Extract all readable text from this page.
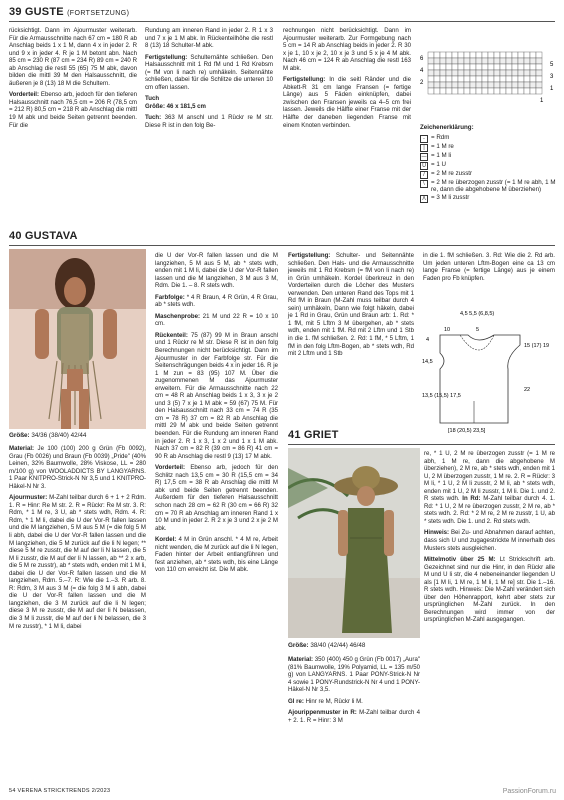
39 GUSTE (FORTSETZUNG)

rücksichtigt. Dann im Ajourmuster weiterarb. Für die Armausschnitte nach 67 cm = 180 R ab Anschlag beids 1 x 1 M, dann 4 x in jeder 2. R und 9 x in jeder 4. R je 1 M betont abn. Nach 85 cm = 230 R (87 cm = 234 R) 89 cm = 240 R ab Anschlag die restl 55 (65) 75 M abk, davon bilden die mittl 39 M den Halsausschnitt, die äußeren je 8 (13) 18 M die Schultern.

Vorderteil: Ebenso arb, jedoch für den tieferen Halsausschnitt nach 76,5 cm = 206 R (78,5 cm = 212 R) 80,5 cm = 218 R ab Anschlag die mittl 19 M abk und beide Seiten getrennt beenden. Für die

Rundung am inneren Rand in jeder 2. R 1 x 3 und 7 x je 1 M abk. In Rückenteilhöhe die restl 8 (13) 18 Schulter-M abk.

Fertigstellung: Schulternähte schließen. Den Halsausschnitt mit 1 Rd fM und 1 Rd Krebsm (= fM von li nach re) umhäkeln. Seitennähte schließen, dabei für die Schlitze die unteren 10 cm offen lassen.

Tuch

Größe: 46 x 181,5 cm

Tuch: 363 M anschl und 1 Rückr re M str. Diese R ist in den folg Be-

rechnungen nicht berücksichtigt. Dann im Ajourmuster weiterarb. Zur Formgebung nach 5 cm = 14 R ab Anschlag beids in jeder 2. R 30 x je 1, 10 x je 2, 10 x je 3 und 5 x je 4 M abk. Nach 46 cm = 124 R ab Anschlag die restl 163 M abk.

Fertigstellung: In die seitl Ränder und die Abkett-R 31 cm lange Fransen (= fertige Länge) aus 5 Fäden einknüpfen, dabei zwischen den Fransen jeweils ca 4–5 cm frei lassen. Jeweils die Hälfte einer Franse mit der Hälfte der daneben liegenden Franse mit einem Knoten verbinden.

6
4
2
5
3
1
1
Zeichenerklärung:
- = Rdm
|	= 1 M re
— = 1 M li
U = 1 U
/	= 2 M re zusstr
\	= 2 M re überzogen zusstr (= 1 M re abh, 1 M re, dann die abgehobene M überziehen)
Λ = 3 M li zusstr
40 GUSTAVA
Größe: 34/36 (38/40) 42/44

Material: Je 100 (100) 200 g Grün (Fb 0092), Grau (Fb 0026) und Braun (Fb 0039) „Pride" (40% Leinen, 32% Baumwolle, 28% Viskose, LL = 280 m/100 g) von WOOLADDICTS BY LANGYARNS. 1 Paar KNITPRO-Strick-N Nr 3,5 und 1 KNITPRO-Häkel-N Nr 3.

Ajourmuster: M-Zahl teilbar durch 6 + 1 + 2 Rdm. 1. R = Hinr: Re M str. 2. R = Rückr: Re M str. 3. R: Rdm, * 1 M re, 3 U, ab * stets wdh, Rdm. 4. R: Rdm, * 1 M li, dabei die U der Vor-R fallen lassen und die M langziehen, 5 M aus 5 M (= die folg 5 M li abh, dabei die U der Vor-R fallen lassen und die M langziehen, die 5 M zurück auf die li N legen; ** diese 5 M re zusstr, die M auf der li N lassen, die 5 M li zusstr, die M auf der li N lassen, ab ** 2 x arb, die 5 M re zusstr), ab * stets wdh, enden mit 1 M li, dabei die U der Vor-R fallen lassen und die M langziehen, Rdm. 5.–7. R: Wie die 1.–3. R arb. 8. R: Rdm, 3 M aus 3 M (= die folg 3 M li abh, dabei die U der Vor-R fallen lassen und die M langziehen, die 3 M zurück auf die li N legen; diese 3 M re zusstr, die M auf der li N belassen, die 3 M li zusstr, die M auf der li N belassen, die 3 M re zusstr), * 1 M li, dabei

die U der Vor-R fallen lassen und die M langziehen, 5 M aus 5 M, ab * stets wdh, enden mit 1 M li, dabei die U der Vor-R fallen lassen und die M langziehen, 3 M aus 3 M, Rdm. Die 1. – 8. R stets wdh.

Farbfolge: * 4 R Braun, 4 R Grün, 4 R Grau, ab * stets wdh.

Maschenprobe: 21 M und 22 R = 10 x 10 cm.

Rückenteil: 75 (87) 99 M in Braun anschl und 1 Rückr re M str. Diese R ist in den folg Berechnungen nicht berücksichtigt. Dann im Ajourmuster in der Farbfolge str. Für die Seitenschrägungen beids 4 x in jeder 16. R je 1 M zun = 83 (95) 107 M. Über die zugenommenen M das Ajourmuster erweitern. Für die Armausschnitte nach 22 cm = 48 R ab Anschlag beids 1 x 3, 3 x je 2 und 3 (5) 7 x je 1 M abk = 59 (67) 75 M. Für den Halsausschnitt nach 33 cm = 74 R (35 cm = 78 R) 37 cm = 82 R ab Anschlag die mittl 29 M abk und beide Seiten getrennt beenden. Für die Rundung am inneren Rand in jeder 2. R 1 x 3, 1 x 2 und 1 x 1 M abk. Nach 37 cm = 82 R (39 cm = 86 R) 41 cm = 90 R ab Anschlag die restl 9 (13) 17 M abk.

Vorderteil: Ebenso arb, jedoch für den Schlitz nach 13,5 cm = 30 R (15,5 cm = 34 R) 17,5 cm = 38 R ab Anschlag die mittl M abk und beide Seiten getrennt beenden. Außerdem für den tieferen Halsausschnitt schon nach 28 cm = 62 R (30 cm = 66 R) 32 cm = 70 R ab Anschlag am inneren Rand 1 x 10 M und in jeder 2. R 2 x je 3 und 2 x je 2 M abk.

Kordel: 4 M in Grün anschl. * 4 M re, Arbeit nicht wenden, die M zurück auf die li N legen, Faden hinter der Arbeit entlangführen und fest anziehen, ab * stets wdh, bis eine Länge von 110 cm erreicht ist. Die M abk.

Fertigstellung: Schulter- und Seitennähte schließen. Den Hals- und die Armausschnitte jeweils mit 1 Rd Krebsm (= fM von li nach re) in Grün umhäkeln. Kordel überkreuz in den Vorderteilen durch die Löcher des Musters verwenden. Den unteren Rand des Tops mit 1 Rd fM in Braun (M-Zahl muss teilbar durch 4 sein) umhäkeln, Dann wie folgt häkeln, dabei je 1 Rd in Grau, Grün und Braun arb: 1. Rd: * 1 fM, mit 5 Lftm 3 M übergehen, ab * stets wdh, enden mit 1 fM. Rd mit 2 Lftm und 1 Stb in die 1. fM schließen. 2. Rd: 1 fM, * 5 Lftm, 1 fM in den folg Lftm-Bogen, ab * stets wdh, Rd mit 2 Lftm und 1 Stb

in die 1. fM schließen. 3. Rd: Wie die 2. Rd arb. Um jeden unteren Lftm-Bogen eine ca 13 cm lange Franse (= fertige Länge) aus je einem Faden pro Fb knüpfen.

4,5 5,5 (6,8,5)
10	5
4
15 (17) 19
14,5
13,5 (15,5) 17,5
22
[18 (20,5) 23,5]
41 GRIET
Größe: 38/40 (42/44) 46/48

Material: 350 (400) 450 g Grün (Fb 0017) „Aura" (81% Baumwolle, 19% Polyamid, LL = 135 m/50 g) von LANGYARNS. 1 Paar PONY-Strick-N Nr 4 sowie 1 PONY-Rundstrick-N Nr 4 und 1 PONY-Häkel-N Nr 3,5.

Gl re: Hinr re M, Rückr li M.

Ajourippenmuster in R: M-Zahl teilbar durch 4 + 2. 1. R = Hinr: 3 M

re, * 1 U, 2 M re überzogen zusstr (= 1 M re abh, 1 M re, dann die abgehobene M überziehen), 2 M re, ab * stets wdh, enden mit 1 U, 2 M überzogen zusstr, 1 M re. 2. R = Rückr: 3 M li, * 1 U, 2 M li zusstr, 2 M li, ab * stets wdh, enden mit 1 U, 2 M li zusstr, 1 M li. Die 1. und 2. R stets wdh. In Rd: M-Zahl teilbar durch 4. 1. Rd: * 1 U, 2 M re überzogen zusstr, 2 M re, ab * stets wdh. 2. Rd: * 2 M re, 2 M re zusstr, 1 U, ab * stets wdh. Die 1. und 2. Rd stets wdh.

Hinweis: Bei Zu- und Abnahmen darauf achten, dass sich U und zugagestrickte M innerhalb des Musters stets ausgleichen.

Mittelmotiv über 25 M: Lt Strickschrift arb. Gezeichnet sind nur die Hinr, in den Rückr alle M und U li str, die 4 nebeneinander liegenden U als [1 M li, 1 M re, 1 M li, 1 M re] str. Die 1.–16. R stets wdh. Hinweis: Die M-Zahl verändert sich über den Höhenrapport, kehrt aber stets zur ursprünglichen M-Zahl zurück. In den Berechnungen wird immer von der ursprünglichen M-Zahl ausgegangen.

54 VERENA STRICKTRENDS 2/2023	PassionForum.ru
